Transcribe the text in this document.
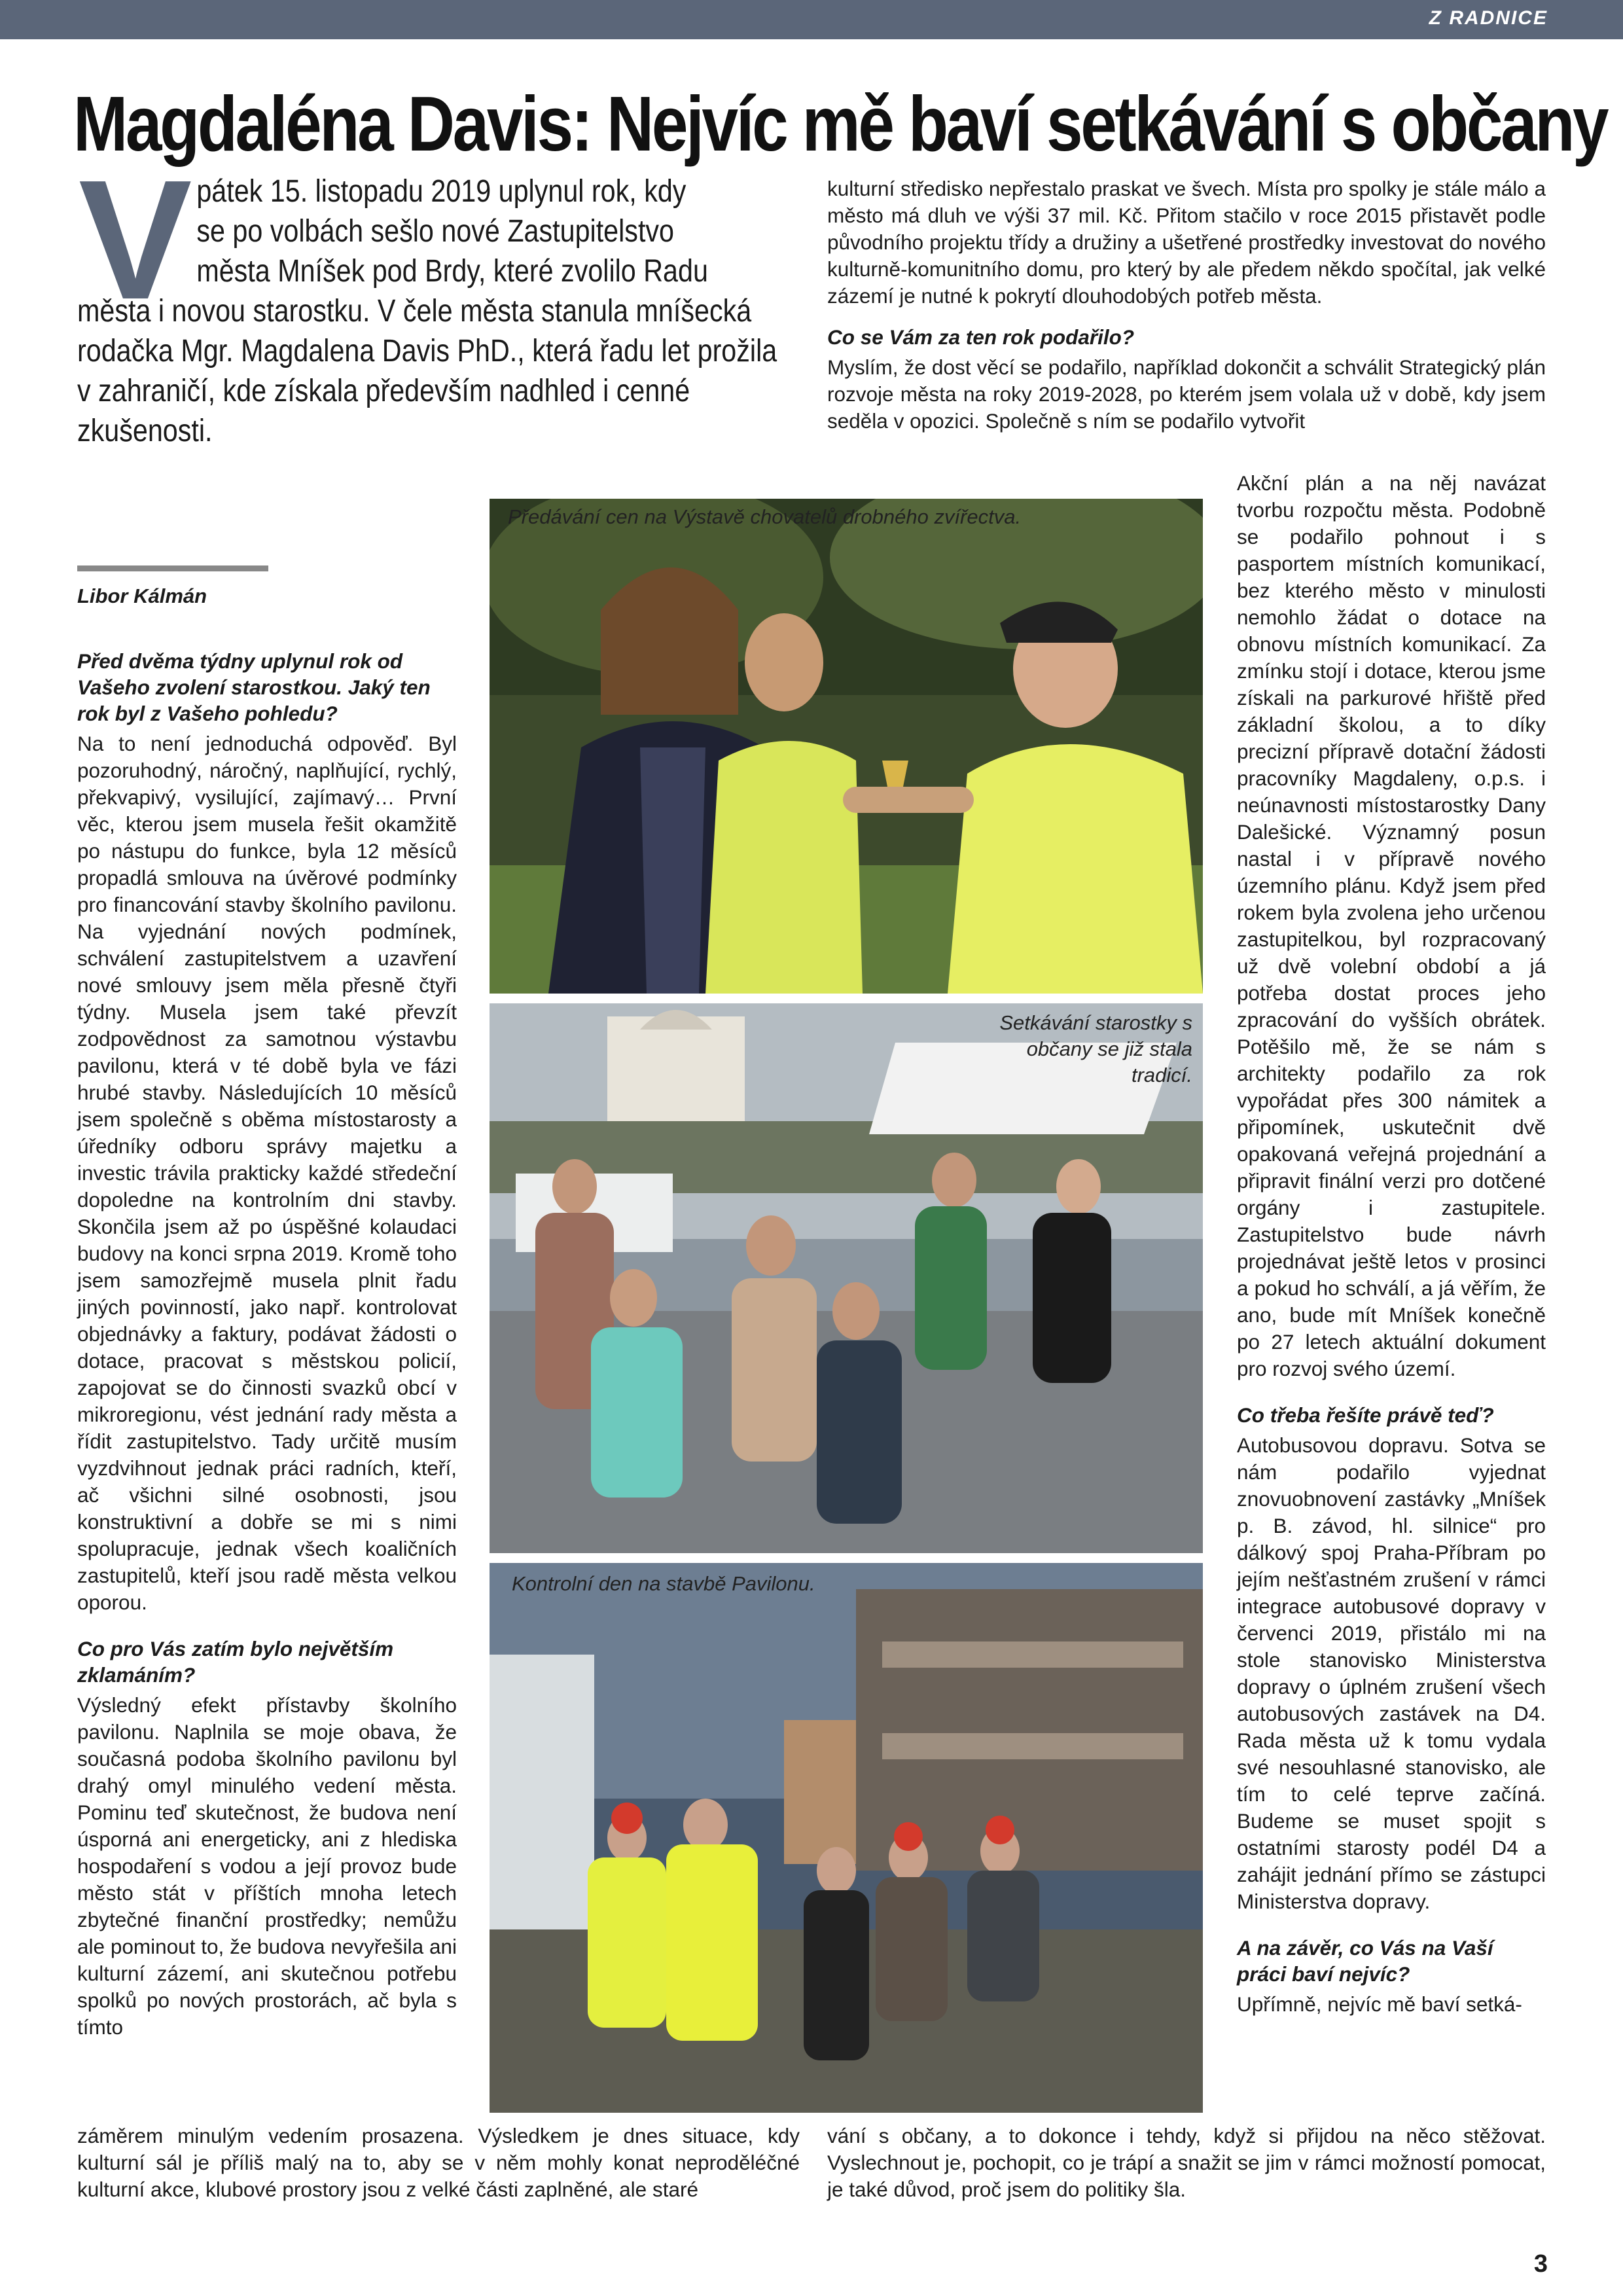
Z RADNICE
Magdaléna Davis: Nejvíc mě baví setkávání s občany
V pátek 15. listopadu 2019 uplynul rok, kdy
se po volbách sešlo nové Zastupitelstvo
města Mníšek pod Brdy, které zvolilo Radu
města i novou starostku. V čele města stanula mníšecká
rodačka Mgr. Magdalena Davis PhD., která řadu let prožila
v zahraničí, kde získala především nadhled i cenné
zkušenosti.
Libor Kálmán

Před dvěma týdny uplynul rok od Vašeho zvolení starostkou. Jaký ten rok byl z Vašeho pohledu?

Na to není jednoduchá odpověď. Byl pozoruhodný, náročný, naplňující, rychlý, překvapivý, vysilující, zajímavý… První věc, kterou jsem musela řešit okamžitě po nástupu do funkce, byla 12 měsíců propadlá smlouva na úvěrové podmínky pro financování stavby školního pavilonu. Na vyjednání nových podmínek, schválení zastupitelstvem a uzavření nové smlouvy jsem měla přesně čtyři týdny. Musela jsem také převzít zodpovědnost za samotnou výstavbu pavilonu, která v té době byla ve fázi hrubé stavby. Následujících 10 měsíců jsem společně s oběma místostarosty a úředníky odboru správy majetku a investic trávila prakticky každé středeční dopoledne na kontrolním dni stavby. Skončila jsem až po úspěšné kolaudaci budovy na konci srpna 2019. Kromě toho jsem samozřejmě musela plnit řadu jiných povinností, jako např. kontrolovat objednávky a faktury, podávat žádosti o dotace, pracovat s městskou policií, zapojovat se do činnosti svazků obcí v mikroregionu, vést jednání rady města a řídit zastupitelstvo. Tady určitě musím vyzdvihnout jednak práci radních, kteří, ač všichni silné osobnosti, jsou konstruktivní a dobře se mi s nimi spolupracuje, jednak všech koaličních zastupitelů, kteří jsou radě města velkou oporou.

Co pro Vás zatím bylo největším zklamáním?

Výsledný efekt přístavby školního pavilonu. Naplnila se moje obava, že současná podoba školního pavilonu byl drahý omyl minulého vedení města. Pominu teď skutečnost, že budova není úsporná ani energeticky, ani z hlediska hospodaření s vodou a její provoz bude město stát v příštích mnoha letech zbytečné finanční prostředky; nemůžu ale pominout to, že budova nevyřešila ani kulturní zázemí, ani skutečnou potřebu spolků po nových prostorách, ač byla s tímto

záměrem minulým vedením prosazena. Výsledkem je dnes situace, kdy kulturní sál je příliš malý na to, aby se v něm mohly konat neproděléčné kulturní akce, klubové prostory jsou z velké části zaplněné, ale staré

kulturní středisko nepřestalo praskat ve švech. Místa pro spolky je stále málo a město má dluh ve výši 37 mil. Kč. Přitom stačilo v roce 2015 přistavět podle původního projektu třídy a družiny a ušetřené prostředky investovat do nového kulturně-komunitního domu, pro který by ale předem někdo spočítal, jak velké zázemí je nutné k pokrytí dlouhodobých potřeb města.

Co se Vám za ten rok podařilo?

Myslím, že dost věcí se podařilo, například dokončit a schválit Strategický plán rozvoje města na roky 2019-2028, po kterém jsem volala už v době, kdy jsem seděla v opozici. Společně s ním se podařilo vytvořit

Akční plán a na něj navázat tvorbu rozpočtu města. Podobně se podařilo pohnout i s pasportem místních komunikací, bez kterého město v minulosti nemohlo žádat o dotace na obnovu místních komunikací. Za zmínku stojí i dotace, kterou jsme získali na parkurové hřiště před základní školou, a to díky precizní přípravě dotační žádosti pracovníky Magdaleny, o.p.s. i neúnavnosti místostarostky Dany Dalešické. Významný posun nastal i v přípravě nového územního plánu. Když jsem před rokem byla zvolena jeho určenou zastupitelkou, byl rozpracovaný už dvě volební období a já potřeba dostat proces jeho zpracování do vyšších obrátek. Potěšilo mě, že se nám s architekty podařilo za rok vypořádat přes 300 námitek a připomínek, uskutečnit dvě opakovaná veřejná projednání a připravit finální verzi pro dotčené orgány i zastupitele. Zastupitelstvo bude návrh projednávat ještě letos v prosinci a pokud ho schválí, a já věřím, že ano, bude mít Mníšek konečně po 27 letech aktuální dokument pro rozvoj svého území.

Co třeba řešíte právě teď?

Autobusovou dopravu. Sotva se nám podařilo vyjednat znovuobnovení zastávky „Mníšek p. B. závod, hl. silnice“ pro dálkový spoj Praha-Příbram po jejím nešťastném zrušení v rámci integrace autobusové dopravy v červenci 2019, přistálo mi na stole stanovisko Ministerstva dopravy o úplném zrušení všech autobusových zastávek na D4. Rada města už k tomu vydala své nesouhlasné stanovisko, ale tím to celé teprve začíná. Budeme se muset spojit s ostatními starosty podél D4 a zahájit jednání přímo se zástupci Ministerstva dopravy.

A na závěr, co Vás na Vaší práci baví nejvíc?

Upřímně, nejvíc mě baví setká-

vání s občany, a to dokonce i tehdy, když si přijdou na něco stěžovat. Vyslechnout je, pochopit, co je trápí a snažit se jim v rámci možností pomocat, je také důvod, proč jsem do politiky šla.

Předávání cen na Výstavě chovatelů drobného zvířectva.
Setkávání starostky s občany se již stala tradicí.
Kontrolní den na stavbě Pavilonu.
3
